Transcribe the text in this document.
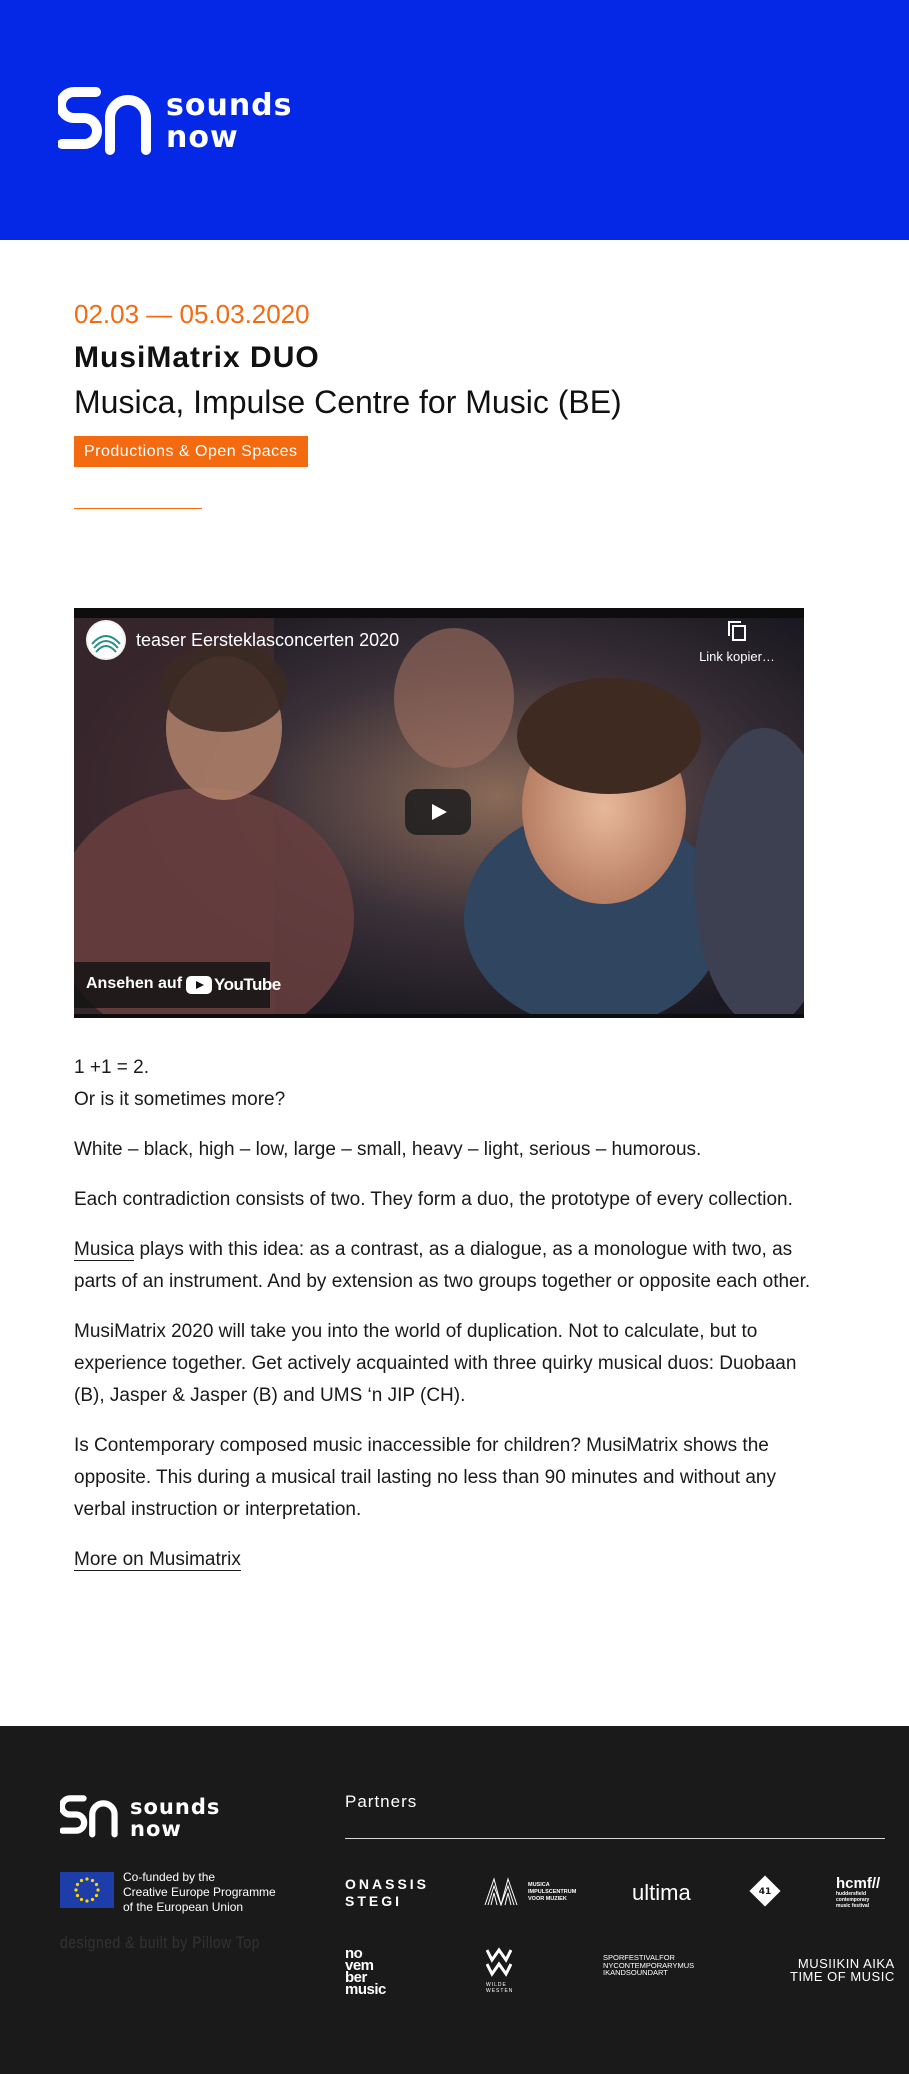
sounds
now
02.03 — 05.03.2020
MusiMatrix DUO
Musica, Impulse Centre for Music (BE)
Productions & Open Spaces
teaser Eersteklasconcerten 2020
Link kopier…
Ansehen auf YouTube

1 +1 = 2.
Or is it sometimes more?

White – black, high – low, large – small, heavy – light, serious – humorous.

Each contradiction consists of two. They form a duo, the prototype of every collection.

Musica plays with this idea: as a contrast, as a dialogue, as a monologue with two, as parts of an instrument. And by extension as two groups together or opposite each other.

MusiMatrix 2020 will take you into the world of duplication. Not to calculate, but to experience together. Get actively acquainted with three quirky musical duos: Duobaan (B), Jasper & Jasper (B) and UMS ‘n JIP (CH).

Is Contemporary composed music inaccessible for children? MusiMatrix shows the opposite. This during a musical trail lasting no less than 90 minutes and without any verbal instruction or interpretation.

More on Musimatrix

sounds
now
Co-funded by the
Creative Europe Programme
of the European Union
designed & built by Pillow Top
Partners
ONASSIS
STEGI
MUSICA
IMPULSCENTRUM
VOOR MUZIEK	ultima	41	hcmf//
huddersfield
contemporary
music festival
no
vem
ber
music	WILDE WESTEN
SPORFESTIVALFOR
NYCONTEMPORARYMUS
IKANDSOUNDART
MUSIIKIN AIKA
TIME OF MUSIC
